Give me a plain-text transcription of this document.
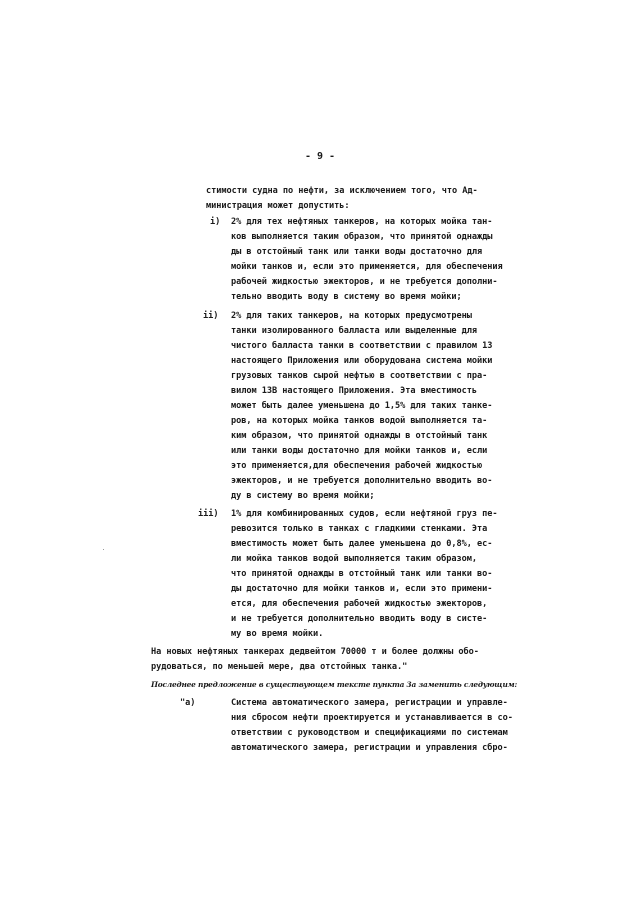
- 9 -
стимости судна по нефти, за исключением того, что Ад-
министрация может допустить:
i) 2% для тех нефтяных танкеров, на которых мойка тан-
ков выполняется таким образом, что принятой однажды
ды в отстойный танк или танки воды достаточно для
мойки танков и, если это применяется, для обеспечения
рабочей жидкостью эжекторов, и не требуется дополни-
тельно вводить воду в систему во время мойки;
ii) 2% для таких танкеров, на которых предусмотрены
танки изолированного балласта или выделенные для
чистого балласта танки в соответствии с правилом 13
настоящего Приложения или оборудована система мойки
грузовых танков сырой нефтью в соответствии с пра-
вилом 13В настоящего Приложения. Эта вместимость
может быть далее уменьшена до 1,5% для таких танке-
ров, на которых мойка танков водой выполняется та-
ким образом, что принятой однажды в отстойный танк
или танки воды достаточно для мойки танков и, если
это применяется,для обеспечения рабочей жидкостью
эжекторов, и не требуется дополнительно вводить во-
ду в систему во время мойки;
iii) 1% для комбинированных судов, если нефтяной груз пе-
ревозится только в танках с гладкими стенками. Эта
вместимость может быть далее уменьшена до 0,8%, ес-
ли мойка танков водой выполняется таким образом,
что принятой однажды в отстойный танк или танки во-
ды достаточно для мойки танков и, если это примени-
ется, для обеспечения рабочей жидкостью эжекторов,
и не требуется дополнительно вводить воду в систе-
му во время мойки.
На новых нефтяных танкерах дедвейтом 70000 т и более должны обо-
рудоваться, по меньшей мере, два отстойных танка."
Последнее предложение в существующем тексте пункта 3а заменить следующим:
"а)	Система автоматического замера, регистрации и управле-
ния сбросом нефти проектируется и устанавливается в со-
ответствии с руководством и спецификациями по системам
автоматического замера, регистрации и управления сбро-
